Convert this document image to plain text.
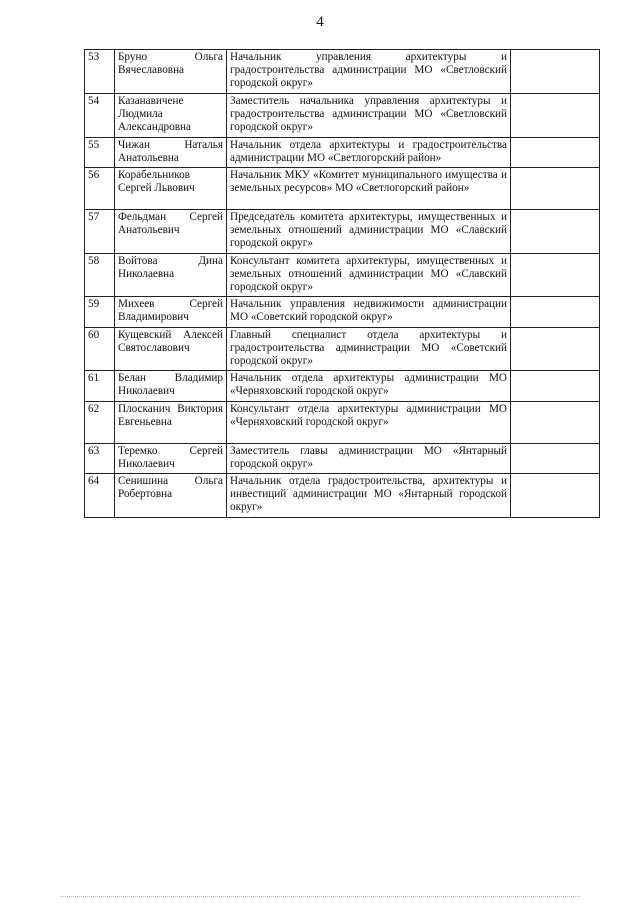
4
53	Бруно Ольга Вячеславовна	Начальник управления архитектуры и градостроительства администрации МО «Светловский городской округ»	
54	Казанавичене Людмила Александровна	Заместитель начальника управления архитектуры и градостроительства администрации МО «Светловский городской округ»	
55	Чижан Наталья Анатольевна	Начальник отдела архитектуры и градостроительства администрации МО «Светлогорский район»	
56	Корабельников Сергей Львович	Начальник МКУ «Комитет муниципального имущества и земельных ресурсов» МО «Светлогорский район»	
57	Фельдман Сергей Анатольевич	Председатель комитета архитектуры, имущественных и земельных отношений администрации МО «Славский городской округ»	
58	Войтова Дина Николаевна	Консультант комитета архитектуры, имущественных и земельных отношений администрации МО «Славский городской округ»	
59	Михеев Сергей Владимирович	Начальник управления недвижимости администрации МО «Советский городской округ»	
60	Кущевский Алексей Святославович	Главный специалист отдела архитектуры и градостроительства администрации МО «Советский городской округ»	
61	Белан Владимир Николаевич	Начальник отдела архитектуры администрации МО «Черняховский городской округ»	
62	Плосканич Виктория Евгеньевна	Консультант отдела архитектуры администрации МО «Черняховский городской округ»	
63	Теремко Сергей Николаевич	Заместитель главы администрации МО «Янтарный городской округ»	
64	Сенишина Ольга Робертовна	Начальник отдела градостроительства, архитектуры и инвестиций администрации МО «Янтарный городской округ»	
